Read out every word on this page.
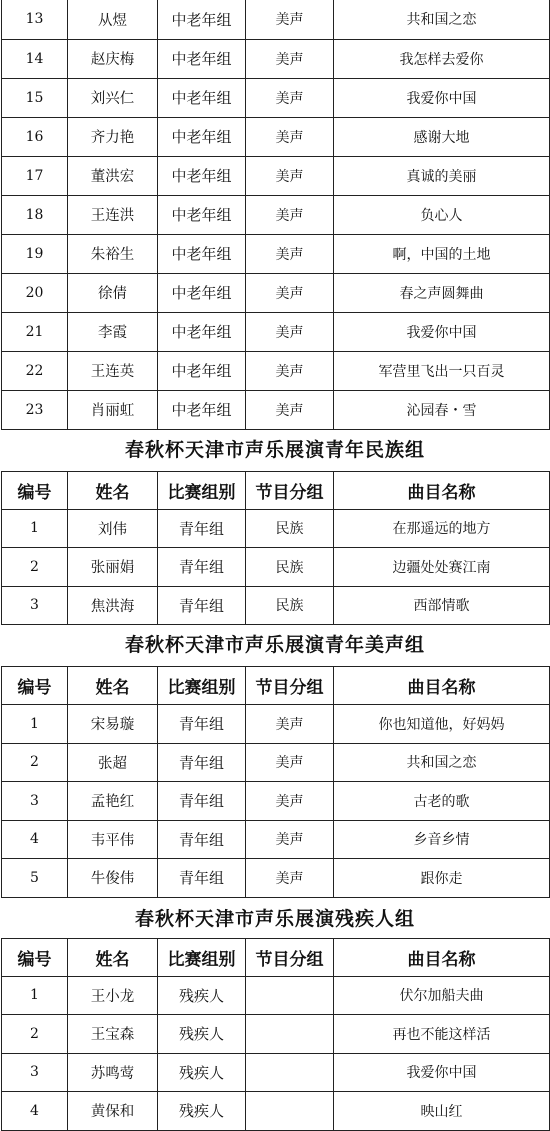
13	从煜	中老年组	美声	共和国之恋
14	赵庆梅	中老年组	美声	我怎样去爱你
15	刘兴仁	中老年组	美声	我爱你中国
16	齐力艳	中老年组	美声	感谢大地
17	董洪宏	中老年组	美声	真诚的美丽
18	王连洪	中老年组	美声	负心人
19	朱裕生	中老年组	美声	啊，中国的土地
20	徐倩	中老年组	美声	春之声圆舞曲
21	李霞	中老年组	美声	我爱你中国
22	王连英	中老年组	美声	军营里飞出一只百灵
23	肖丽虹	中老年组	美声	沁园春・雪
春秋杯天津市声乐展演青年民族组
编号	姓名	比赛组别	节目分组	曲目名称
1	刘伟	青年组	民族	在那遥远的地方
2	张丽娟	青年组	民族	边疆处处赛江南
3	焦洪海	青年组	民族	西部情歌
春秋杯天津市声乐展演青年美声组
编号	姓名	比赛组别	节目分组	曲目名称
1	宋易璇	青年组	美声	你也知道他，好妈妈
2	张超	青年组	美声	共和国之恋
3	孟艳红	青年组	美声	古老的歌
4	韦平伟	青年组	美声	乡音乡情
5	牛俊伟	青年组	美声	跟你走
春秋杯天津市声乐展演残疾人组
编号	姓名	比赛组别	节目分组	曲目名称
1	王小龙	残疾人		伏尔加船夫曲
2	王宝森	残疾人		再也不能这样活
3	苏鸣莺	残疾人		我爱你中国
4	黄保和	残疾人		映山红
